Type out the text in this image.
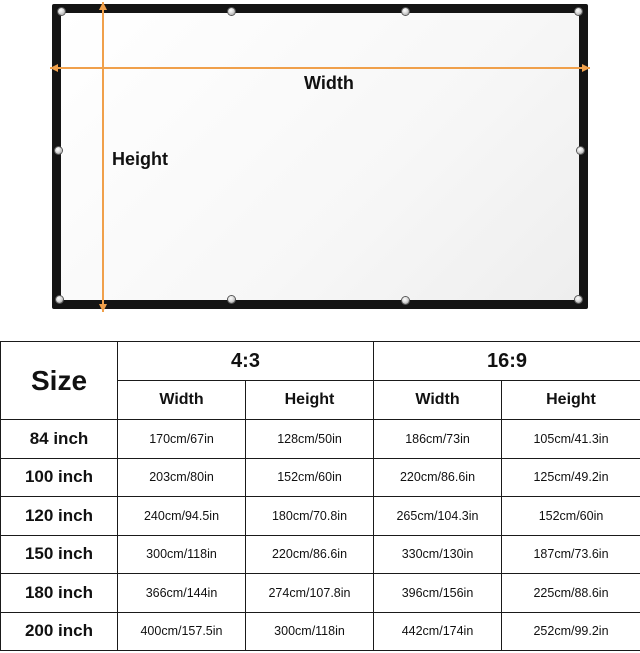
Width
Height
Size	4:3		16:9	
	Width	Height	Width	Height
84 inch	170cm/67in	128cm/50in	186cm/73in	105cm/41.3in
100 inch	203cm/80in	152cm/60in	220cm/86.6in	125cm/49.2in
120 inch	240cm/94.5in	180cm/70.8in	265cm/104.3in	152cm/60in
150 inch	300cm/118in	220cm/86.6in	330cm/130in	187cm/73.6in
180 inch	366cm/144in	274cm/107.8in	396cm/156in	225cm/88.6in
200 inch	400cm/157.5in	300cm/118in	442cm/174in	252cm/99.2in
